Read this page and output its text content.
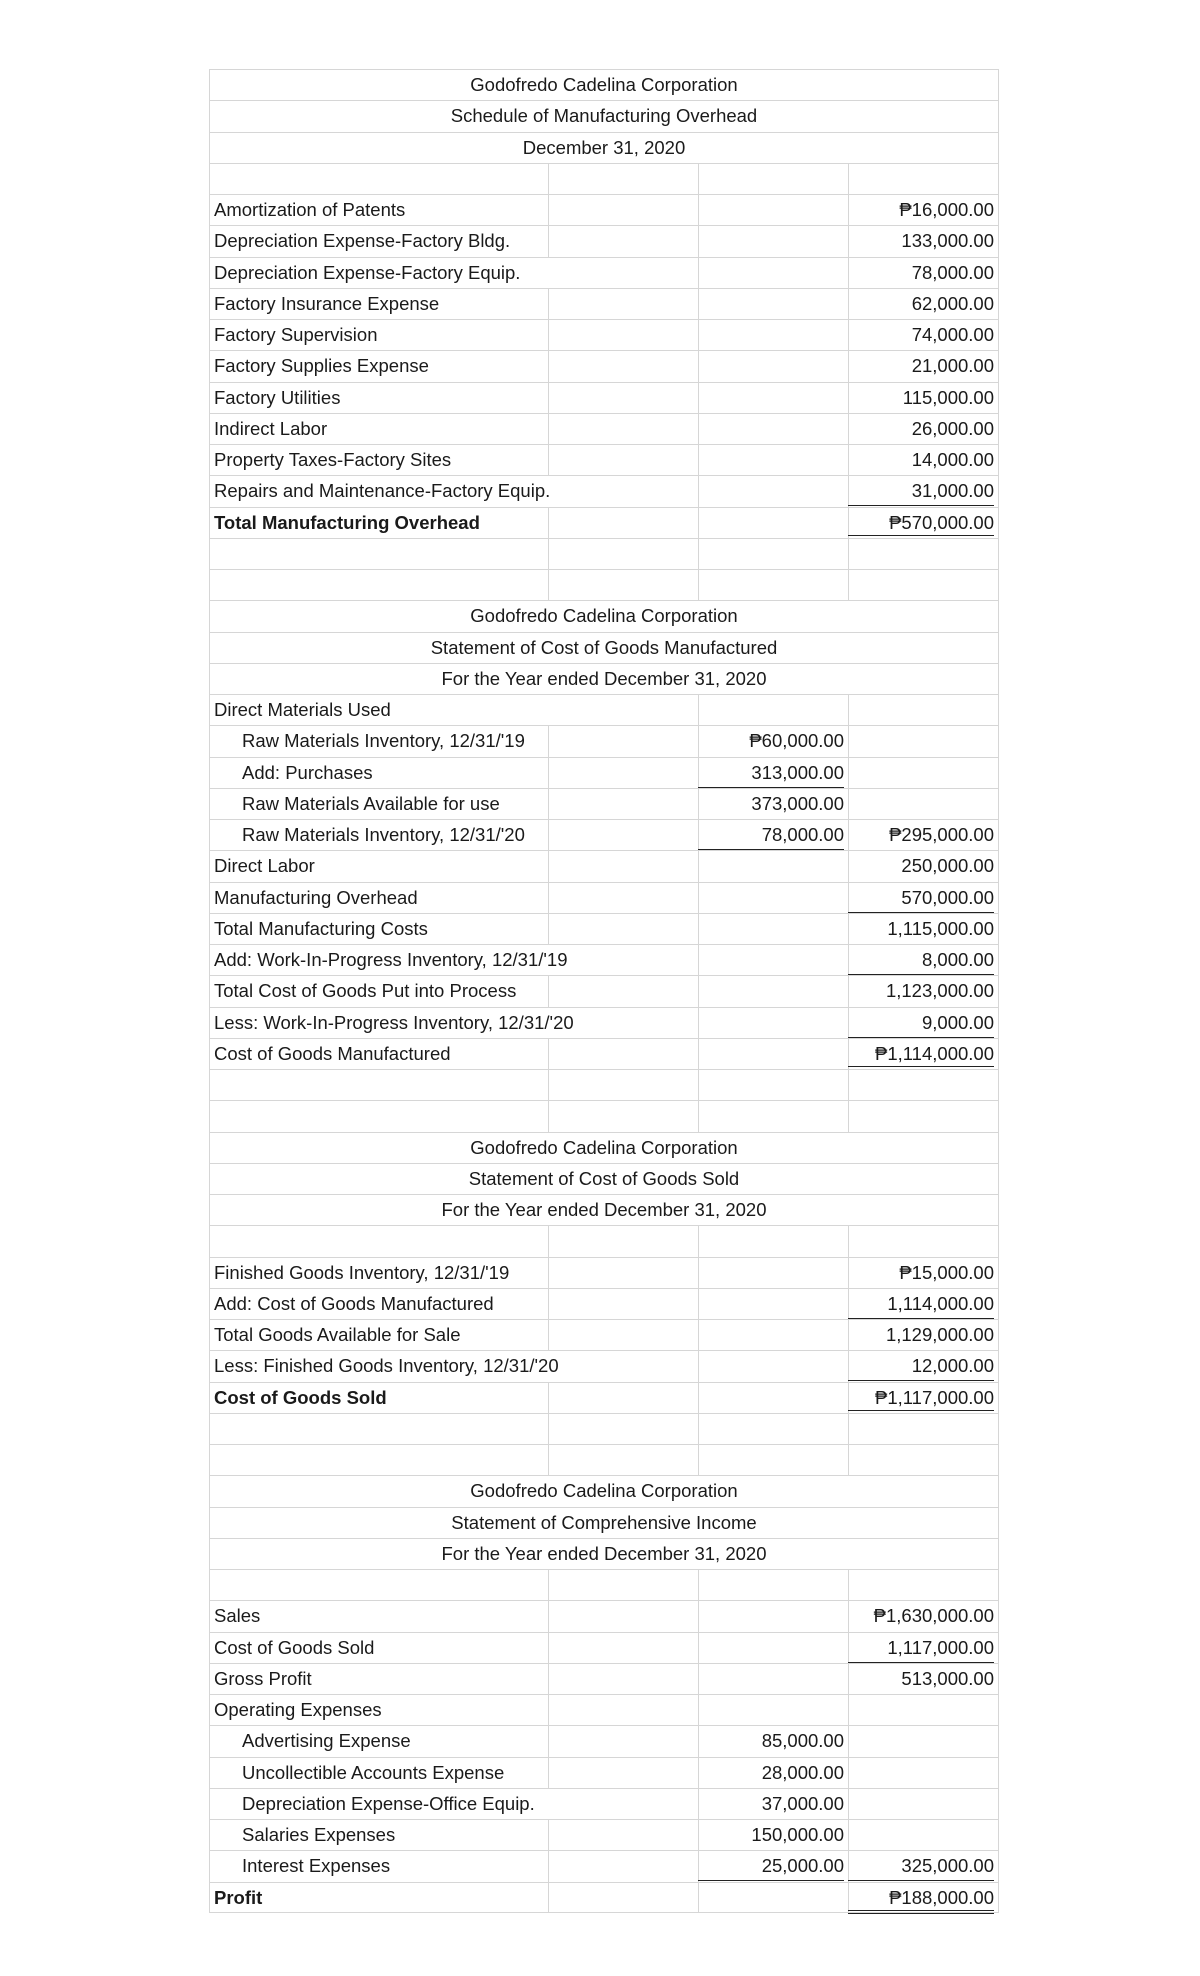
Godofredo Cadelina Corporation
Schedule of Manufacturing Overhead
December 31, 2020
Amortization of Patents	₱16,000.00
Depreciation Expense-Factory Bldg.	133,000.00
Depreciation Expense-Factory Equip.	78,000.00
Factory Insurance Expense	62,000.00
Factory Supervision	74,000.00
Factory Supplies Expense	21,000.00
Factory Utilities	115,000.00
Indirect Labor	26,000.00
Property Taxes-Factory Sites	14,000.00
Repairs and Maintenance-Factory Equip.	31,000.00
Total Manufacturing Overhead	₱570,000.00
Godofredo Cadelina Corporation
Statement of Cost of Goods Manufactured
For the Year ended December 31, 2020
Direct Materials Used
Raw Materials Inventory, 12/31/'19	₱60,000.00
Add: Purchases	313,000.00
Raw Materials Available for use	373,000.00
Raw Materials Inventory, 12/31/'20	78,000.00	₱295,000.00
Direct Labor	250,000.00
Manufacturing Overhead	570,000.00
Total Manufacturing Costs	1,115,000.00
Add: Work-In-Progress Inventory, 12/31/'19	8,000.00
Total Cost of Goods Put into Process	1,123,000.00
Less: Work-In-Progress Inventory, 12/31/'20	9,000.00
Cost of Goods Manufactured	₱1,114,000.00
Godofredo Cadelina Corporation
Statement of Cost of Goods Sold
For the Year ended December 31, 2020
Finished Goods Inventory, 12/31/'19	₱15,000.00
Add: Cost of Goods Manufactured	1,114,000.00
Total Goods Available for Sale	1,129,000.00
Less: Finished Goods Inventory, 12/31/'20	12,000.00
Cost of Goods Sold	₱1,117,000.00
Godofredo Cadelina Corporation
Statement of Comprehensive Income
For the Year ended December 31, 2020
Sales	₱1,630,000.00
Cost of Goods Sold	1,117,000.00
Gross Profit	513,000.00
Operating Expenses
Advertising Expense	85,000.00
Uncollectible Accounts Expense	28,000.00
Depreciation Expense-Office Equip.	37,000.00
Salaries Expenses	150,000.00
Interest Expenses	25,000.00	325,000.00
Profit	₱188,000.00
